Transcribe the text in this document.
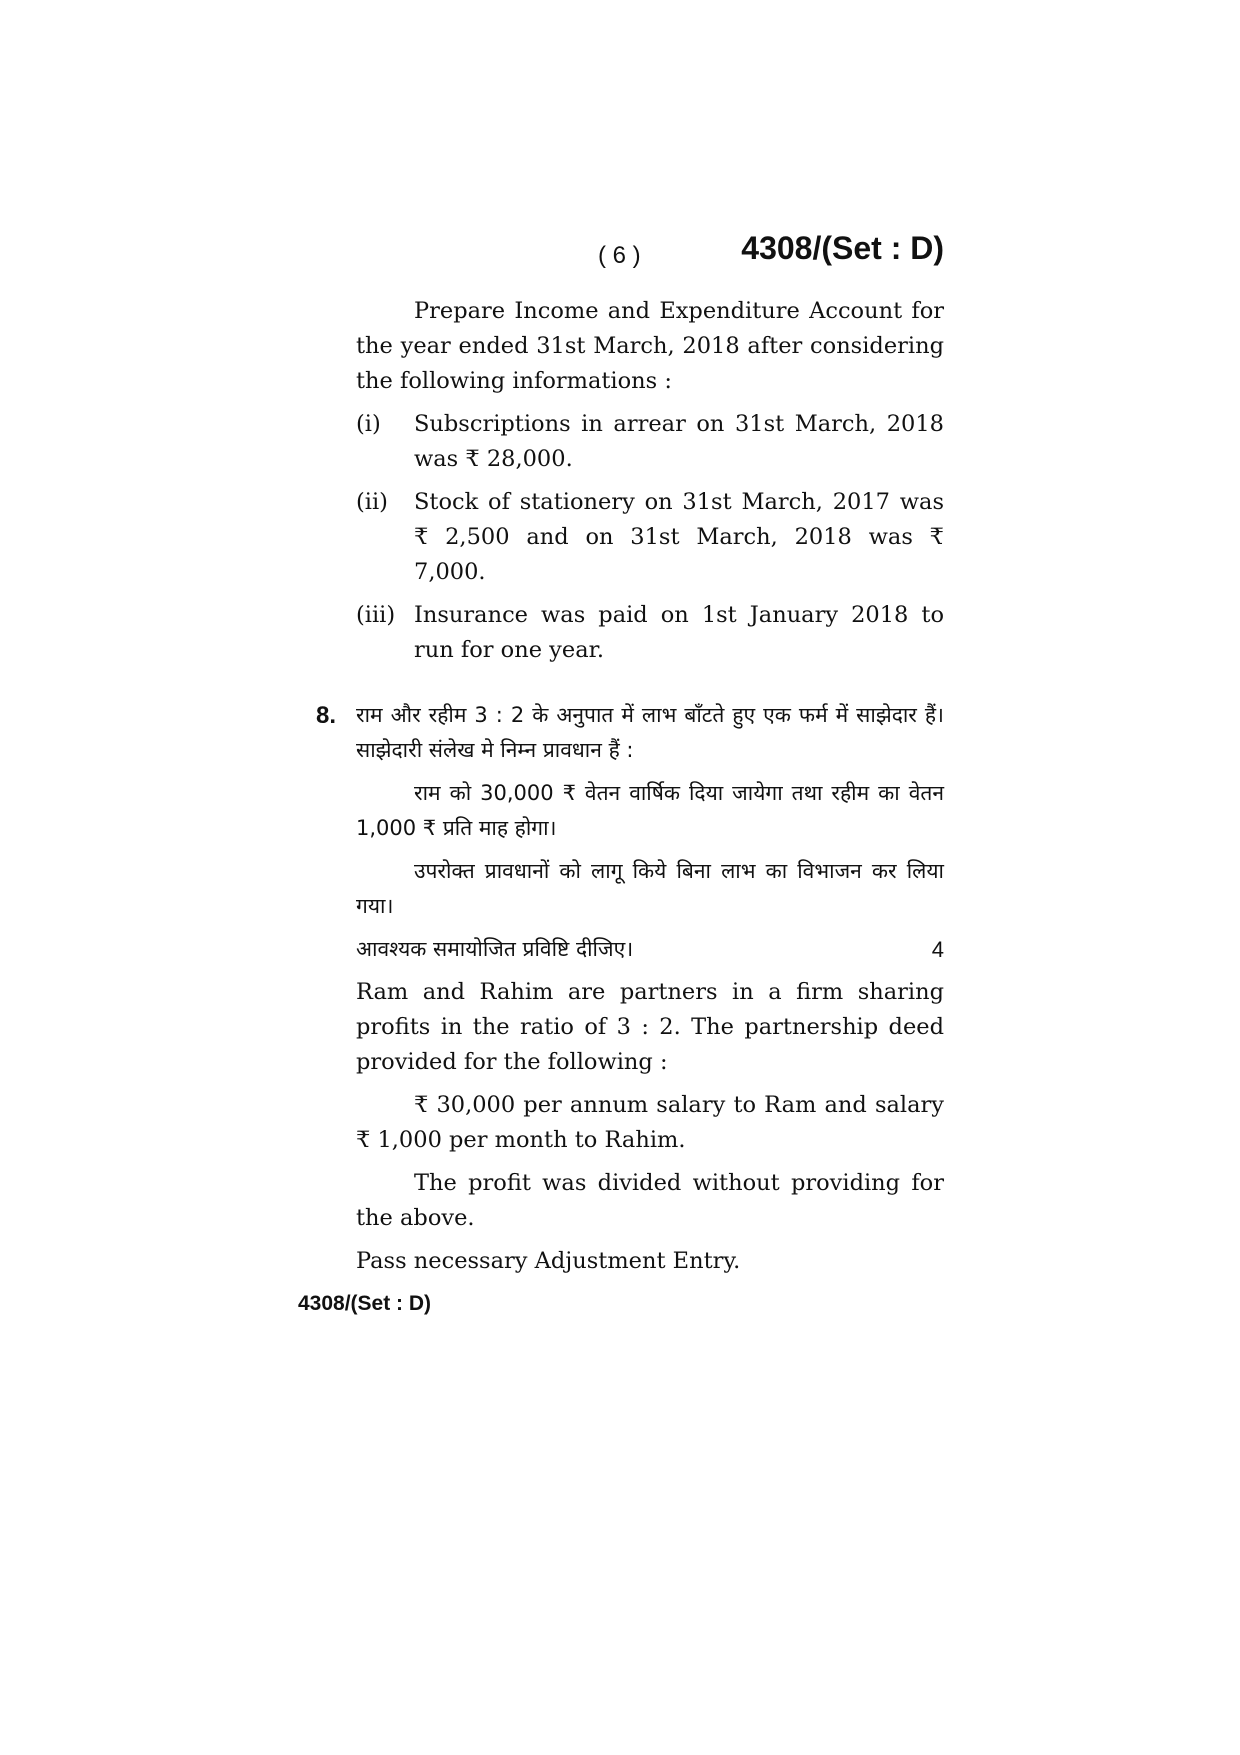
( 6 )	4308/(Set : D)

Prepare Income and Expenditure Account for the year ended 31st March, 2018 after considering the following informations :

(i) Subscriptions in arrear on 31st March, 2018 was ₹ 28,000.

(ii) Stock of stationery on 31st March, 2017 was ₹ 2,500 and on 31st March, 2018 was ₹ 7,000.

(iii) Insurance was paid on 1st January 2018 to run for one year.

8. राम और रहीम 3 : 2 के अनुपात में लाभ बाँटते हुए एक फर्म में साझेदार हैं। साझेदारी संलेख मे निम्न प्रावधान हैं :

राम को 30,000 ₹ वेतन वार्षिक दिया जायेगा तथा रहीम का वेतन 1,000 ₹ प्रति माह होगा।

उपरोक्त प्रावधानों को लागू किये बिना लाभ का विभाजन कर लिया गया।

आवश्यक समायोजित प्रविष्टि दीजिए।	4

Ram and Rahim are partners in a firm sharing profits in the ratio of 3 : 2. The partnership deed provided for the following :

₹ 30,000 per annum salary to Ram and salary ₹ 1,000 per month to Rahim.

The profit was divided without providing for the above.

Pass necessary Adjustment Entry.

4308/(Set : D)
